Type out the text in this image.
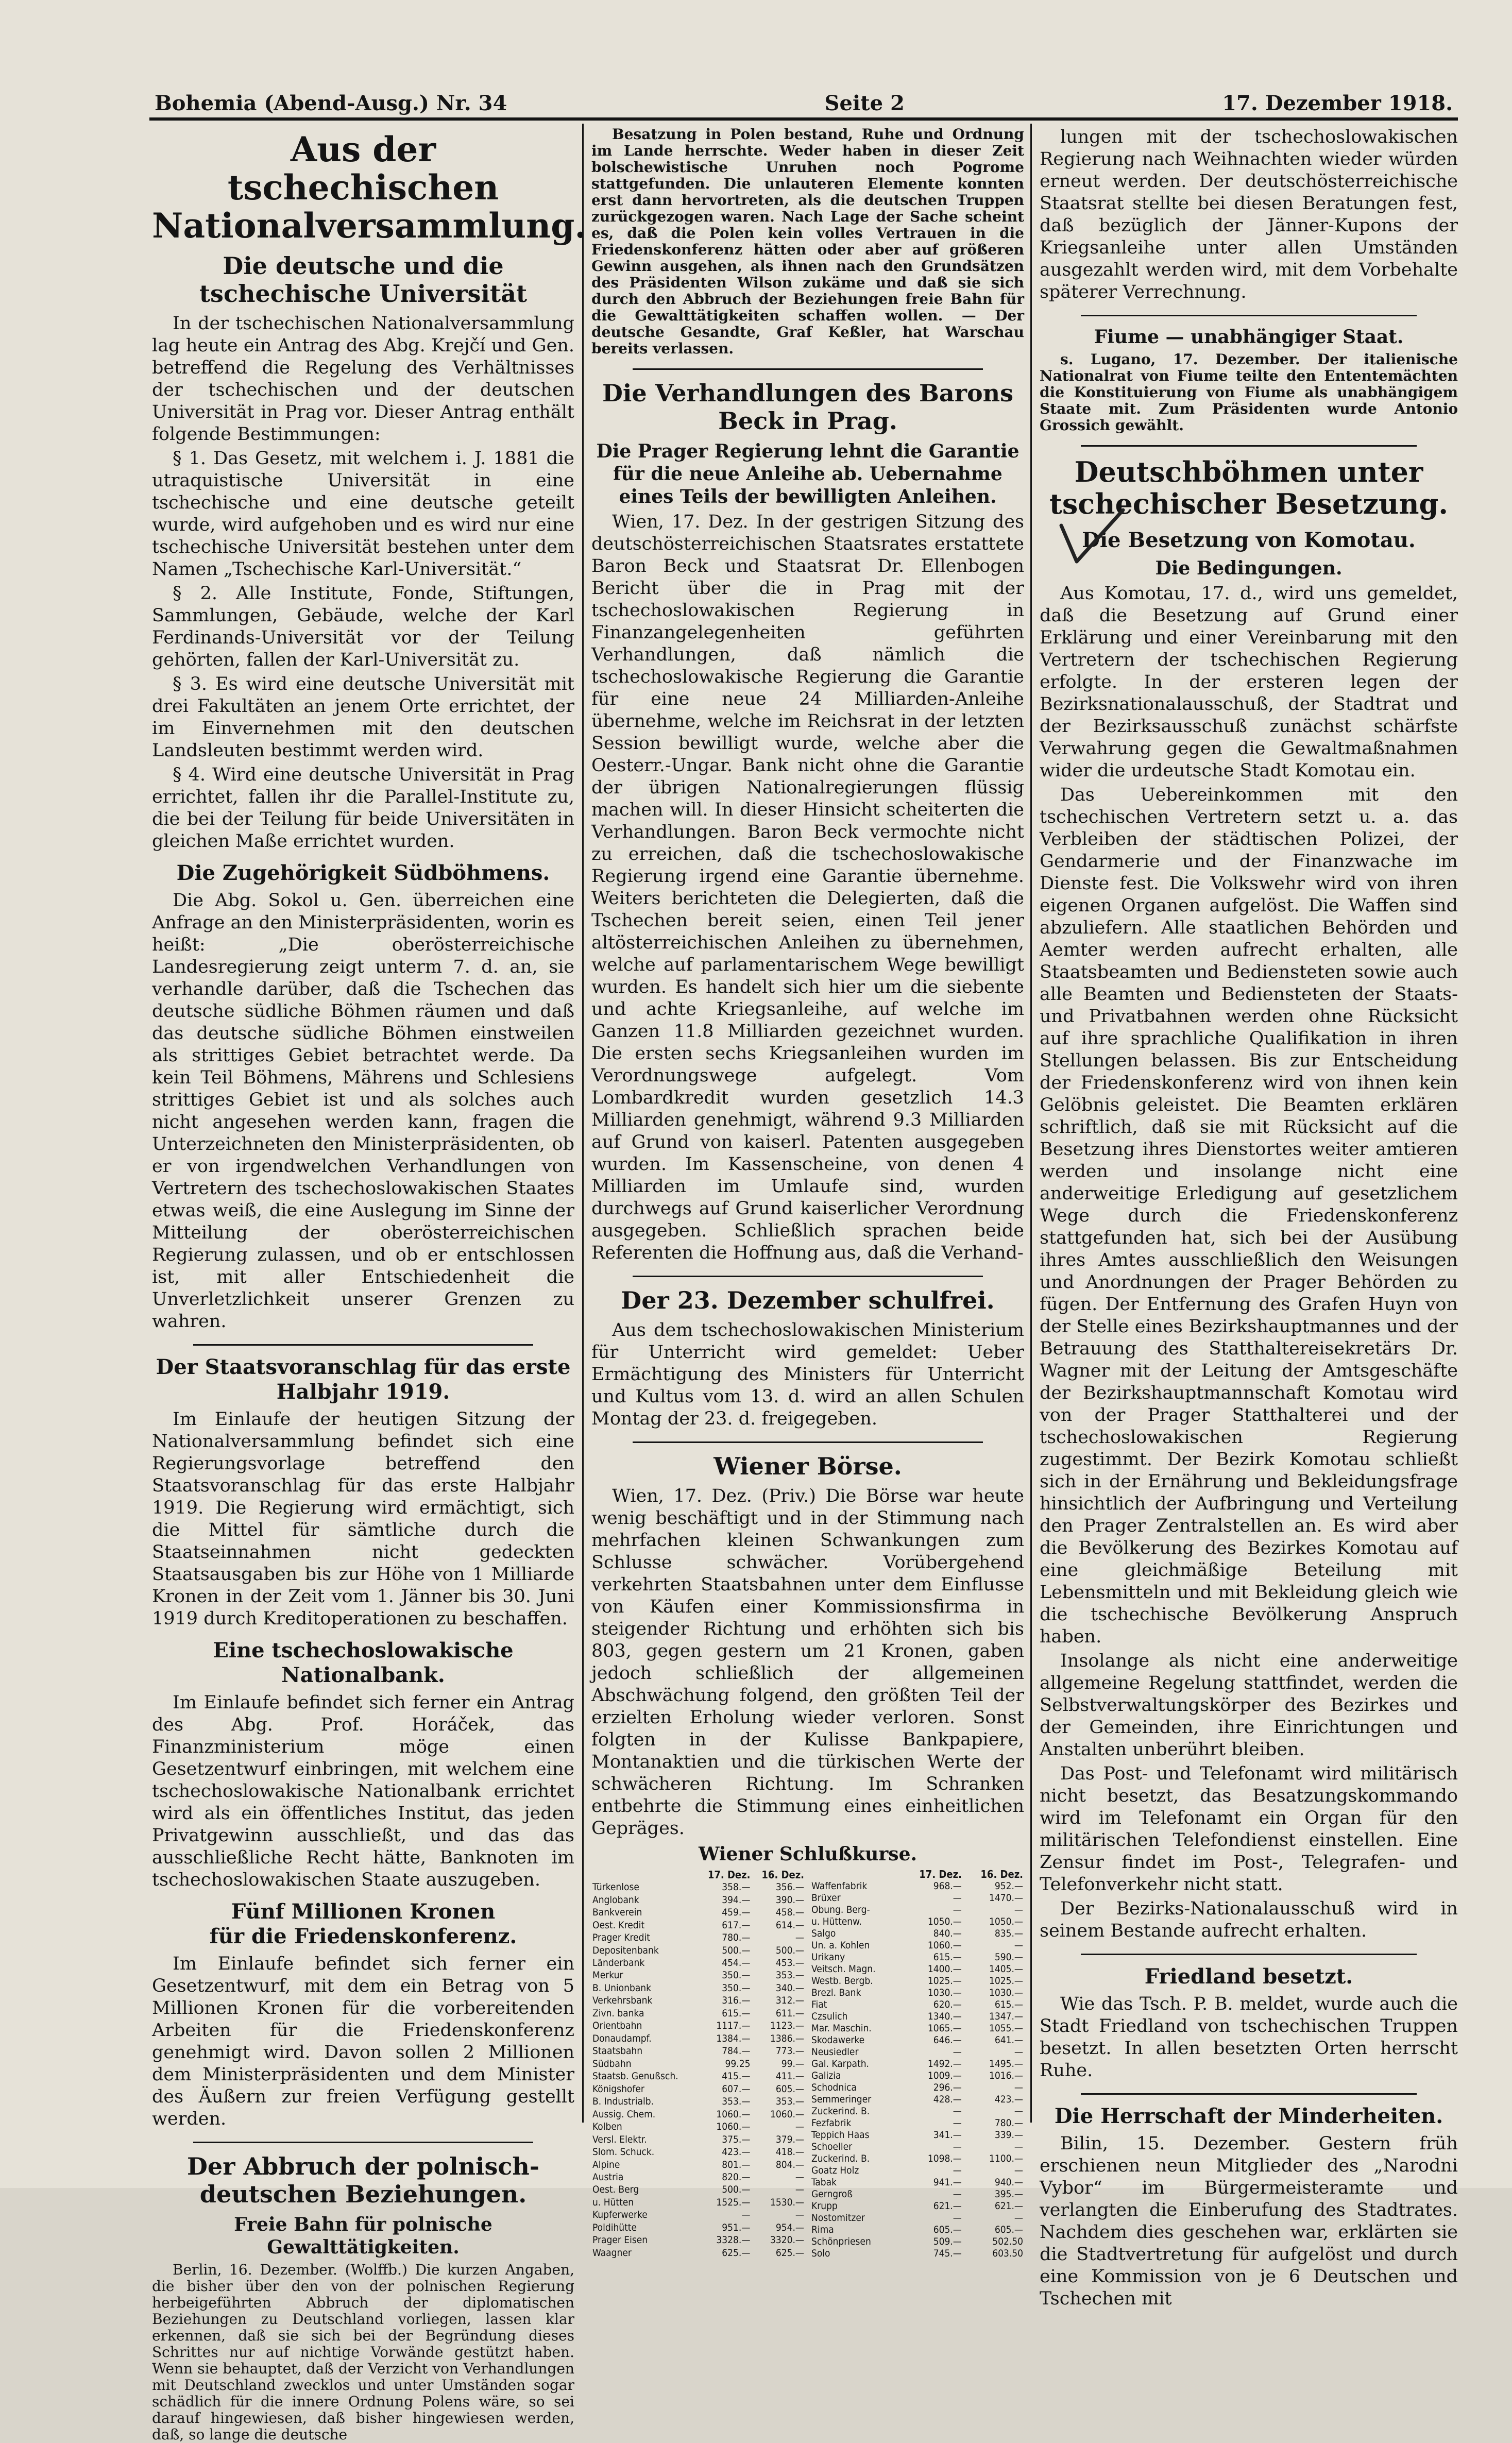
Bohemia (Abend-Ausg.) Nr. 34	Seite 2	17. Dezember 1918.
Aus der tschechischen Nationalversammlung.
Die deutsche und die tschechische Universität

In der tschechischen Nationalversammlung lag heute ein Antrag des Abg. Krejčí und Gen. betreffend die Regelung des Verhältnisses der tschechischen und der deutschen Universität in Prag vor. Dieser Antrag enthält folgende Bestimmungen:

§ 1. Das Gesetz, mit welchem i. J. 1881 die utraquistische Universität in eine tschechische und eine deutsche geteilt wurde, wird aufgehoben und es wird nur eine tschechische Universität bestehen unter dem Namen „Tschechische Karl-Universität.“

§ 2. Alle Institute, Fonde, Stiftungen, Sammlungen, Gebäude, welche der Karl Ferdinands-Universität vor der Teilung gehörten, fallen der Karl-Universität zu.

§ 3. Es wird eine deutsche Universität mit drei Fakultäten an jenem Orte errichtet, der im Einvernehmen mit den deutschen Landsleuten bestimmt werden wird.

§ 4. Wird eine deutsche Universität in Prag errichtet, fallen ihr die Parallel-Institute zu, die bei der Teilung für beide Universitäten in gleichen Maße errichtet wurden.

Die Zugehörigkeit Südböhmens.

Die Abg. Sokol u. Gen. überreichen eine Anfrage an den Ministerpräsidenten, worin es heißt: „Die oberösterreichische Landesregierung zeigt unterm 7. d. an, sie verhandle darüber, daß die Tschechen das deutsche südliche Böhmen räumen und daß das deutsche südliche Böhmen einstweilen als strittiges Gebiet betrachtet werde. Da kein Teil Böhmens, Mährens und Schlesiens strittiges Gebiet ist und als solches auch nicht angesehen werden kann, fragen die Unterzeichneten den Ministerpräsidenten, ob er von irgendwelchen Verhandlungen von Vertretern des tschechoslowakischen Staates etwas weiß, die eine Auslegung im Sinne der Mitteilung der oberösterreichischen Regierung zulassen, und ob er entschlossen ist, mit aller Entschiedenheit die Unverletzlichkeit unserer Grenzen zu wahren.

Der Staatsvoranschlag für das erste Halbjahr 1919.

Im Einlaufe der heutigen Sitzung der Nationalversammlung befindet sich eine Regierungsvorlage betreffend den Staatsvoranschlag für das erste Halbjahr 1919. Die Regierung wird ermächtigt, sich die Mittel für sämtliche durch die Staatseinnahmen nicht gedeckten Staatsausgaben bis zur Höhe von 1 Milliarde Kronen in der Zeit vom 1. Jänner bis 30. Juni 1919 durch Kreditoperationen zu beschaffen.

Eine tschechoslowakische Nationalbank.

Im Einlaufe befindet sich ferner ein Antrag des Abg. Prof. Horáček, das Finanzministerium möge einen Gesetzentwurf einbringen, mit welchem eine tschechoslowakische Nationalbank errichtet wird als ein öffentliches Institut, das jeden Privatgewinn ausschließt, und das das ausschließliche Recht hätte, Banknoten im tschechoslowakischen Staate auszugeben.

Fünf Millionen Kronen
für die Friedenskonferenz.

Im Einlaufe befindet sich ferner ein Gesetzentwurf, mit dem ein Betrag von 5 Millionen Kronen für die vorbereitenden Arbeiten für die Friedenskonferenz genehmigt wird. Davon sollen 2 Millionen dem Ministerpräsidenten und dem Minister des Äußern zur freien Verfügung gestellt werden.

Der Abbruch der polnisch-deutschen Beziehungen.
Freie Bahn für polnische Gewalttätigkeiten.

Berlin, 16. Dezember. (Wolffb.) Die kurzen Angaben, die bisher über den von der polnischen Regierung herbeigeführten Abbruch der diplomatischen Beziehungen zu Deutschland vorliegen, lassen klar erkennen, daß sie sich bei der Begründung dieses Schrittes nur auf nichtige Vorwände gestützt haben. Wenn sie behauptet, daß der Verzicht von Verhandlungen mit Deutschland zwecklos und unter Umständen sogar schädlich für die innere Ordnung Polens wäre, so sei darauf hingewiesen, daß bisher hingewiesen werden, daß, so lange die deutsche

Besatzung in Polen bestand, Ruhe und Ordnung im Lande herrschte. Weder haben in dieser Zeit bolschewistische Unruhen noch Pogrome stattgefunden. Die unlauteren Elemente konnten erst dann hervortreten, als die deutschen Truppen zurückgezogen waren. Nach Lage der Sache scheint es, daß die Polen kein volles Vertrauen in die Friedenskonferenz hätten oder aber auf größeren Gewinn ausgehen, als ihnen nach den Grundsätzen des Präsidenten Wilson zukäme und daß sie sich durch den Abbruch der Beziehungen freie Bahn für die Gewalttätigkeiten schaffen wollen. — Der deutsche Gesandte, Graf Keßler, hat Warschau bereits verlassen.

Die Verhandlungen des Barons Beck in Prag.
Die Prager Regierung lehnt die Garantie für die neue Anleihe ab. Uebernahme eines Teils der bewilligten Anleihen.

Wien, 17. Dez. In der gestrigen Sitzung des deutschösterreichischen Staatsrates erstattete Baron Beck und Staatsrat Dr. Ellenbogen Bericht über die in Prag mit der tschechoslowakischen Regierung in Finanzangelegenheiten geführten Verhandlungen, daß nämlich die tschechoslowakische Regierung die Garantie für eine neue 24 Milliarden-Anleihe übernehme, welche im Reichsrat in der letzten Session bewilligt wurde, welche aber die Oesterr.-Ungar. Bank nicht ohne die Garantie der übrigen Nationalregierungen flüssig machen will. In dieser Hinsicht scheiterten die Verhandlungen. Baron Beck vermochte nicht zu erreichen, daß die tschechoslowakische Regierung irgend eine Garantie übernehme. Weiters berichteten die Delegierten, daß die Tschechen bereit seien, einen Teil jener altösterreichischen Anleihen zu übernehmen, welche auf parlamentarischem Wege bewilligt wurden. Es handelt sich hier um die siebente und achte Kriegsanleihe, auf welche im Ganzen 11.8 Milliarden gezeichnet wurden. Die ersten sechs Kriegsanleihen wurden im Verordnungswege aufgelegt. Vom Lombardkredit wurden gesetzlich 14.3 Milliarden genehmigt, während 9.3 Milliarden auf Grund von kaiserl. Patenten ausgegeben wurden. Im Kassenscheine, von denen 4 Milliarden im Umlaufe sind, wurden durchwegs auf Grund kaiserlicher Verordnung ausgegeben. Schließlich sprachen beide Referenten die Hoffnung aus, daß die Verhand-

Der 23. Dezember schulfrei.

Aus dem tschechoslowakischen Ministerium für Unterricht wird gemeldet: Ueber Ermächtigung des Ministers für Unterricht und Kultus vom 13. d. wird an allen Schulen Montag der 23. d. freigegeben.

Wiener Börse.

Wien, 17. Dez. (Priv.) Die Börse war heute wenig beschäftigt und in der Stimmung nach mehrfachen kleinen Schwankungen zum Schlusse schwächer. Vorübergehend verkehrten Staatsbahnen unter dem Einflusse von Käufen einer Kommissionsfirma in steigender Richtung und erhöhten sich bis 803, gegen gestern um 21 Kronen, gaben jedoch schließlich der allgemeinen Abschwächung folgend, den größten Teil der erzielten Erholung wieder verloren. Sonst folgten in der Kulisse Bankpapiere, Montanaktien und die türkischen Werte der schwächeren Richtung. Im Schranken entbehrte die Stimmung eines einheitlichen Gepräges.

Wiener Schlußkurse.
	17. Dez.	16. Dez.
Türkenlose	358.—	356.—
Anglobank	394.—	390.—
Bankverein	459.—	458.—
Oest. Kredit	617.—	614.—
Prager Kredit	780.—	—
Depositenbank	500.—	500.—
Länderbank	454.—	453.—
Merkur	350.—	353.—
B. Unionbank	350.—	340.—
Verkehrsbank	316.—	312.—
Zivn. banka	615.—	611.—
Orientbahn	1117.—	1123.—
Donaudampf.	1384.—	1386.—
Staatsbahn	784.—	773.—
Südbahn	99.25	99.—
Staatsb. Genußsch.	415.—	411.—
Königshofer	607.—	605.—
B. Industrialb.	353.—	353.—
Aussig. Chem.	1060.—	1060.—
Kolben	1060.—	—
Versl. Elektr.	375.—	379.—
Slom. Schuck.	423.—	418.—
Alpine	801.—	804.—
Austria	820.—	—
Oest. Berg	500.—	—
u. Hütten	1525.—	1530.—
Kupferwerke	—	—
Poldihütte	951.—	954.—
Prager Eisen	3328.—	3320.—
Waagner	625.—	625.—
	17. Dez.	16. Dez.
Waffenfabrik	968.—	952.—
Brüxer	—	1470.—
Obung. Berg-	—	—
u. Hüttenw.	1050.—	1050.—
Salgo	840.—	835.—
Un. a. Kohlen	1060.—	—
Urikany	615.—	590.—
Veitsch. Magn.	1400.—	1405.—
Westb. Bergb.	1025.—	1025.—
Brezl. Bank	1030.—	1030.—
Fiat	620.—	615.—
Czsulich	1340.—	1347.—
Mar. Maschin.	1065.—	1055.—
Skodawerke	646.—	641.—
Neusiedler	—	—
Gal. Karpath.	1492.—	1495.—
Galizia	1009.—	1016.—
Schodnica	296.—	—
Semmeringer	428.—	423.—
Zuckerind. B.	—	—
Fezfabrik	—	780.—
Teppich Haas	341.—	339.—
Schoeller	—	—
Zuckerind. B.	1098.—	1100.—
Goatz Holz	—	—
Tabak	941.—	940.—
Gerngroß	—	395.—
Krupp	621.—	621.—
Nostomitzer	—	—
Rima	605.—	605.—
Schönpriesen	509.—	502.50
Solo	745.—	603.50

lungen mit der tschechoslowakischen Regierung nach Weihnachten wieder würden erneut werden. Der deutschösterreichische Staatsrat stellte bei diesen Beratungen fest, daß bezüglich der Jänner-Kupons der Kriegsanleihe unter allen Umständen ausgezahlt werden wird, mit dem Vorbehalte späterer Verrechnung.

Fiume — unabhängiger Staat.

s. Lugano, 17. Dezember. Der italienische Nationalrat von Fiume teilte den Ententemächten die Konstituierung von Fiume als unabhängigem Staate mit. Zum Präsidenten wurde Antonio Grossich gewählt.

Deutschböhmen unter tschechischer Besetzung.
Die Besetzung von Komotau.
Die Bedingungen.

Aus Komotau, 17. d., wird uns gemeldet, daß die Besetzung auf Grund einer Erklärung und einer Vereinbarung mit den Vertretern der tschechischen Regierung erfolgte. In der ersteren legen der Bezirksnationalausschuß, der Stadtrat und der Bezirksausschuß zunächst schärfste Verwahrung gegen die Gewaltmaßnahmen wider die urdeutsche Stadt Komotau ein.

Das Uebereinkommen mit den tschechischen Vertretern setzt u. a. das Verbleiben der städtischen Polizei, der Gendarmerie und der Finanzwache im Dienste fest. Die Volkswehr wird von ihren eigenen Organen aufgelöst. Die Waffen sind abzuliefern. Alle staatlichen Behörden und Aemter werden aufrecht erhalten, alle Staatsbeamten und Bediensteten sowie auch alle Beamten und Bediensteten der Staats- und Privatbahnen werden ohne Rücksicht auf ihre sprachliche Qualifikation in ihren Stellungen belassen. Bis zur Entscheidung der Friedenskonferenz wird von ihnen kein Gelöbnis geleistet. Die Beamten erklären schriftlich, daß sie mit Rücksicht auf die Besetzung ihres Dienstortes weiter amtieren werden und insolange nicht eine anderweitige Erledigung auf gesetzlichem Wege durch die Friedenskonferenz stattgefunden hat, sich bei der Ausübung ihres Amtes ausschließlich den Weisungen und Anordnungen der Prager Behörden zu fügen. Der Entfernung des Grafen Huyn von der Stelle eines Bezirkshauptmannes und der Betrauung des Statthaltereisekretärs Dr. Wagner mit der Leitung der Amtsgeschäfte der Bezirkshauptmannschaft Komotau wird von der Prager Statthalterei und der tschechoslowakischen Regierung zugestimmt. Der Bezirk Komotau schließt sich in der Ernährung und Bekleidungsfrage hinsichtlich der Aufbringung und Verteilung den Prager Zentralstellen an. Es wird aber die Bevölkerung des Bezirkes Komotau auf eine gleichmäßige Beteilung mit Lebensmitteln und mit Bekleidung gleich wie die tschechische Bevölkerung Anspruch haben.

Insolange als nicht eine anderweitige allgemeine Regelung stattfindet, werden die Selbstverwaltungskörper des Bezirkes und der Gemeinden, ihre Einrichtungen und Anstalten unberührt bleiben.

Das Post- und Telefonamt wird militärisch nicht besetzt, das Besatzungskommando wird im Telefonamt ein Organ für den militärischen Telefondienst einstellen. Eine Zensur findet im Post-, Telegrafen- und Telefonverkehr nicht statt.

Der Bezirks-Nationalausschuß wird in seinem Bestande aufrecht erhalten.

Friedland besetzt.

Wie das Tsch. P. B. meldet, wurde auch die Stadt Friedland von tschechischen Truppen besetzt. In allen besetzten Orten herrscht Ruhe.

Die Herrschaft der Minderheiten.

Bilin, 15. Dezember. Gestern früh erschienen neun Mitglieder des „Narodni Vybor“ im Bürgermeisteramte und verlangten die Einberufung des Stadtrates. Nachdem dies geschehen war, erklärten sie die Stadtvertretung für aufgelöst und durch eine Kommission von je 6 Deutschen und Tschechen mit
